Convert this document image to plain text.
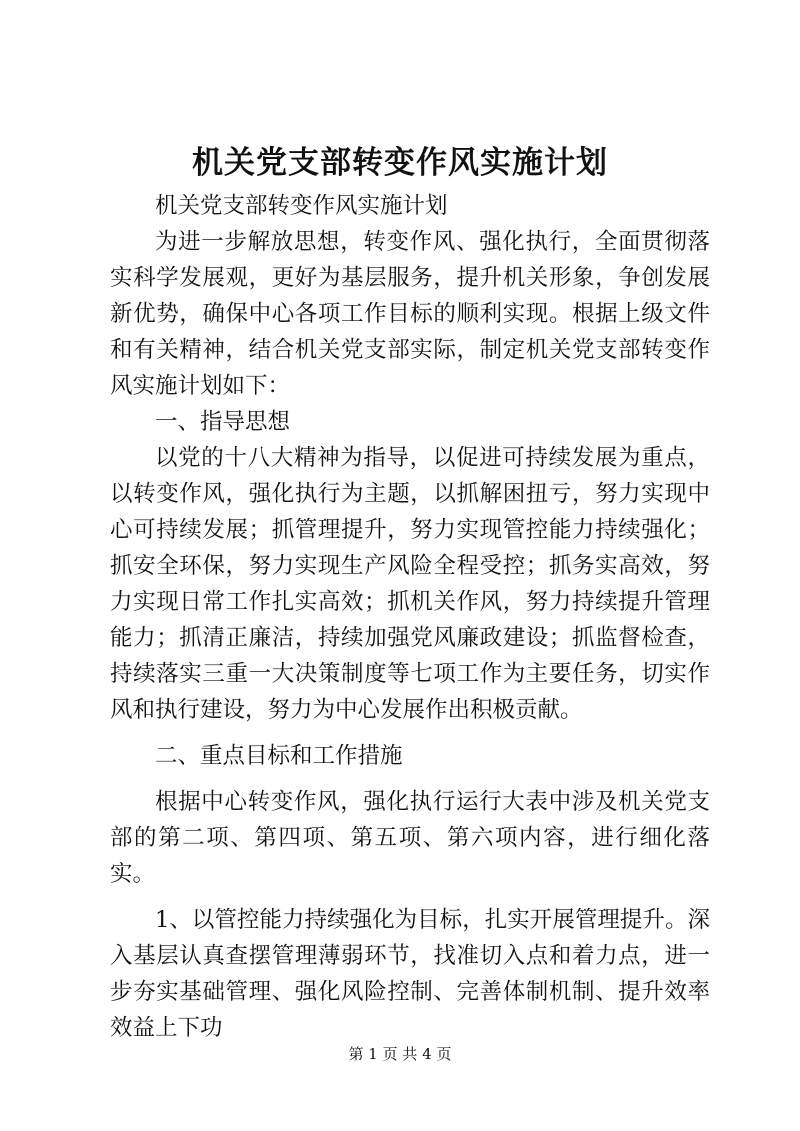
机关党支部转变作风实施计划

机关党支部转变作风实施计划

为进一步解放思想，转变作风、强化执行，全面贯彻落实科学发展观，更好为基层服务，提升机关形象，争创发展新优势，确保中心各项工作目标的顺利实现。根据上级文件和有关精神，结合机关党支部实际，制定机关党支部转变作风实施计划如下：

一、指导思想

以党的十八大精神为指导，以促进可持续发展为重点，以转变作风，强化执行为主题，以抓解困扭亏，努力实现中心可持续发展；抓管理提升，努力实现管控能力持续强化；抓安全环保，努力实现生产风险全程受控；抓务实高效，努力实现日常工作扎实高效；抓机关作风，努力持续提升管理能力；抓清正廉洁，持续加强党风廉政建设；抓监督检查，持续落实三重一大决策制度等七项工作为主要任务，切实作风和执行建设，努力为中心发展作出积极贡献。

二、重点目标和工作措施

根据中心转变作风，强化执行运行大表中涉及机关党支部的第二项、第四项、第五项、第六项内容，进行细化落实。

1、以管控能力持续强化为目标，扎实开展管理提升。深入基层认真查摆管理薄弱环节，找准切入点和着力点，进一步夯实基础管理、强化风险控制、完善体制机制、提升效率效益上下功

第 1 页 共 4 页
